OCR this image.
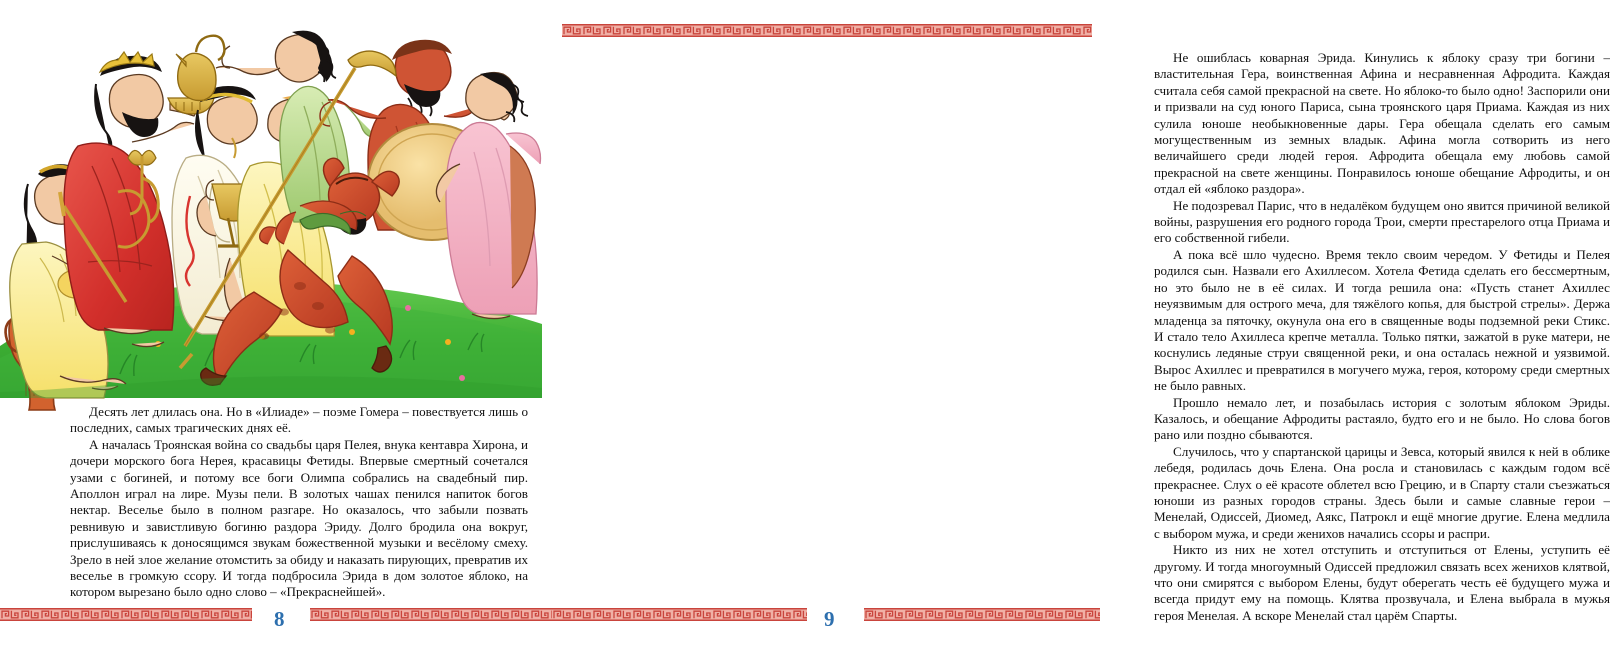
Десять лет длилась она. Но в «Илиаде» – поэме Гомера – повествуется лишь о последних, самых трагических днях её.

А началась Троянская война со свадьбы царя Пелея, внука кентавра Хирона, и дочери морского бога Нерея, красавицы Фетиды. Впервые смертный сочетался узами с богиней, и потому все боги Олимпа собрались на свадебный пир. Аполлон играл на лире. Музы пели. В золотых чашах пенился напиток богов нектар. Веселье было в полном разгаре. Но оказалось, что забыли позвать ревнивую и завистливую богиню раздора Эриду. Долго бродила она вокруг, прислушиваясь к доносящимся звукам божественной музыки и весёлому смеху. Зрело в ней злое желание отомстить за обиду и наказать пирующих, превратив их веселье в громкую ссору. И тогда подбросила Эрида в дом золотое яблоко, на котором вырезано было одно слово – «Прекраснейшей».

8

Не ошиблась коварная Эрида. Кинулись к яблоку сразу три богини – властительная Гера, воинственная Афина и несравненная Афродита. Каждая считала себя самой прекрасной на свете. Но яблоко-то было одно! Заспорили они и призвали на суд юного Париса, сына троянского царя Приама. Каждая из них сулила юноше необыкновенные дары. Гера обещала сделать его самым могущественным из земных владык. Афина могла сотворить из него величайшего среди людей героя. Афродита обещала ему любовь самой прекрасной на свете женщины. Понравилось юноше обещание Афродиты, и он отдал ей «яблоко раздора».

Не подозревал Парис, что в недалёком будущем оно явится причиной великой войны, разрушения его родного города Трои, смерти престарелого отца Приама и его собственной гибели.

А пока всё шло чудесно. Время текло своим чередом. У Фетиды и Пелея родился сын. Назвали его Ахиллесом. Хотела Фетида сделать его бессмертным, но это было не в её силах. И тогда решила она: «Пусть станет Ахиллес неуязвимым для острого меча, для тяжёлого копья, для быстрой стрелы». Держа младенца за пяточку, окунула она его в священные воды подземной реки Стикс. И стало тело Ахиллеса крепче металла. Только пятки, зажатой в руке матери, не коснулись ледяные струи священной реки, и она осталась нежной и уязвимой. Вырос Ахиллес и превратился в могучего мужа, героя, которому среди смертных не было равных.

Прошло немало лет, и позабылась история с золотым яблоком Эриды. Казалось, и обещание Афродиты растаяло, будто его и не было. Но слова богов рано или поздно сбываются.

Случилось, что у спартанской царицы и Зевса, который явился к ней в облике лебедя, родилась дочь Елена. Она росла и становилась с каждым годом всё прекраснее. Слух о её красоте облетел всю Грецию, и в Спарту стали съезжаться юноши из разных городов страны. Здесь были и самые славные герои – Менелай, Одиссей, Диомед, Аякс, Патрокл и ещё многие другие. Елена медлила с выбором мужа, и среди женихов начались ссоры и распри.

Никто из них не хотел отступить и отступиться от Елены, уступить её другому. И тогда многоумный Одиссей предложил связать всех женихов клятвой, что они смирятся с выбором Елены, будут оберегать честь её будущего мужа и всегда придут ему на помощь. Клятва прозвучала, и Елена выбрала в мужья героя Менелая. А вскоре Менелай стал царём Спарты.

9
